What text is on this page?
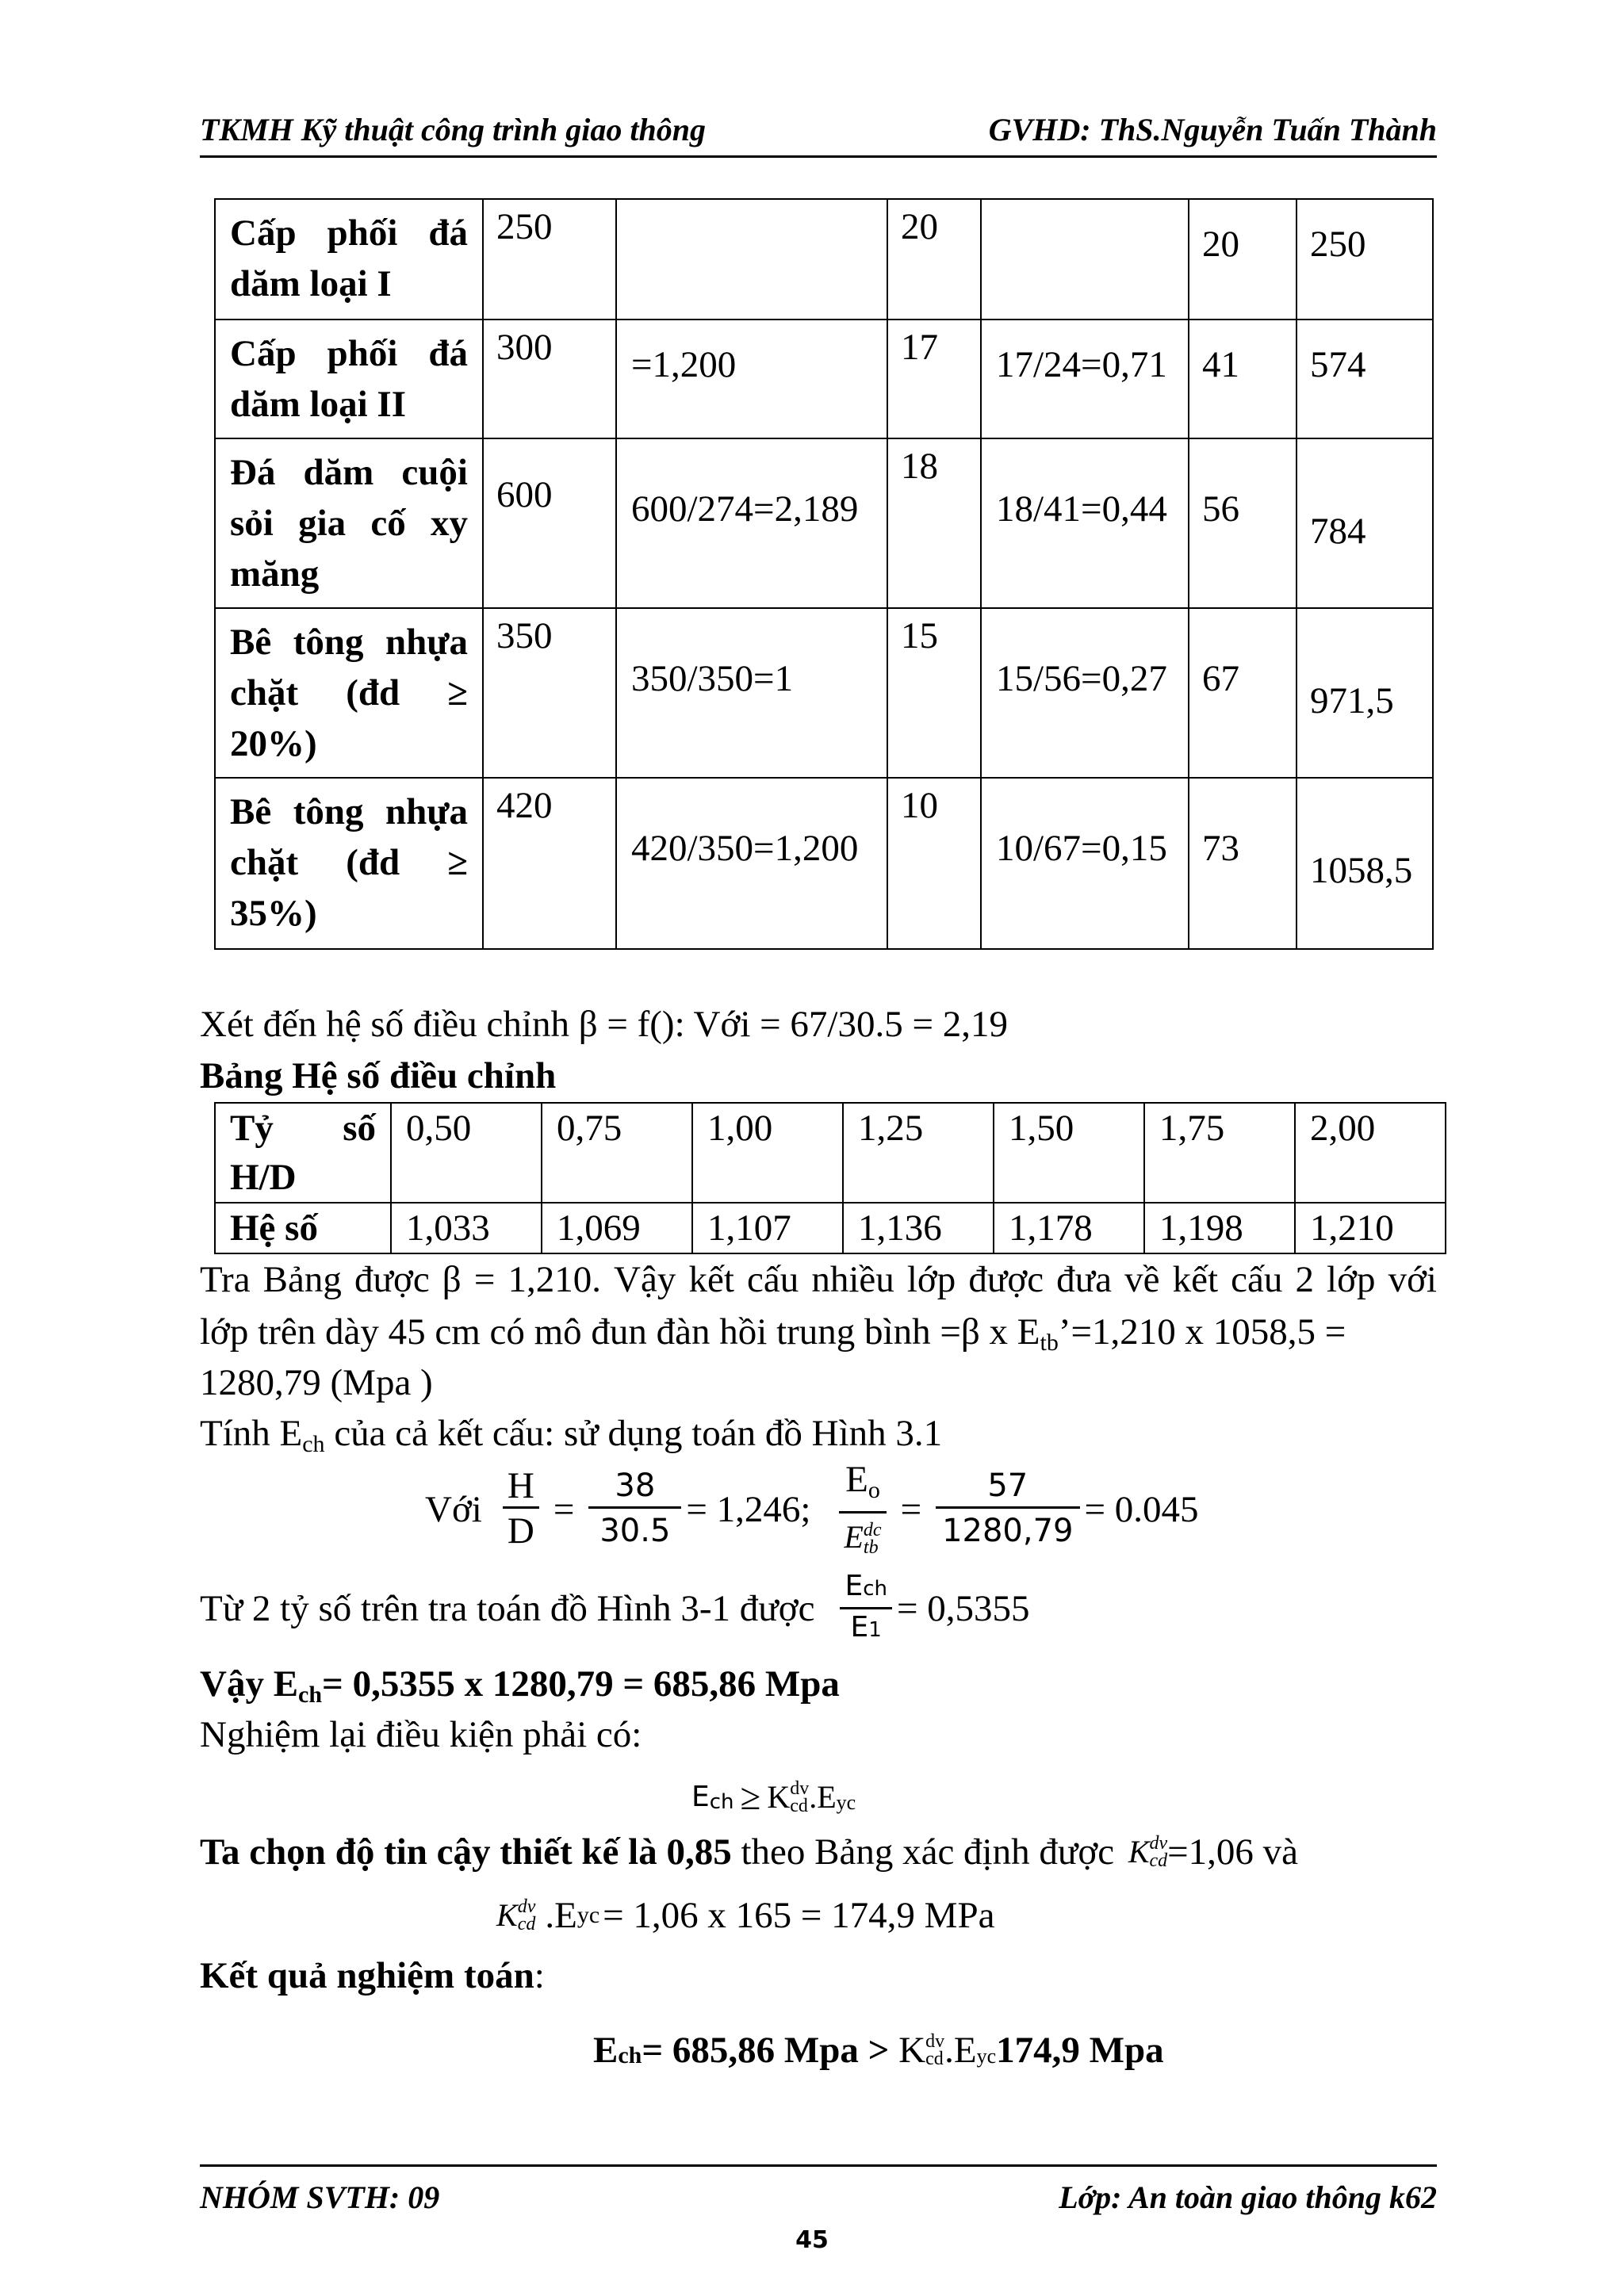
TKMH Kỹ thuật công trình giao thông	GVHD: ThS.Nguyễn Tuấn Thành
Cấp phối đá
dăm loại I	250		20		20	250

Cấp phối đá
dăm loại II	300	=1,200	17	17/24=0,71	41	574

Đá dăm cuội
sỏi gia cố xy
măng	600	600/274=2,189	18	18/41=0,44	56	784

Bê tông nhựa
chặt (đd ≥
20%)	350	350/350=1	15	15/56=0,27	67	971,5

Bê tông nhựa
chặt (đd ≥
35%)	420	420/350=1,200	10	10/67=0,15	73	1058,5
Xét đến hệ số điều chỉnh β = f(): Với = 67/30.5 = 2,19
Bảng Hệ số điều chỉnh
Tỷ số
H/D	0,50	0,75	1,00	1,25	1,50	1,75	2,00
Hệ số	1,033	1,069	1,107	1,136	1,178	1,198	1,210
Tra Bảng được β = 1,210. Vậy kết cấu nhiều lớp được đưa về kết cấu 2 lớp với
lớp trên dày 45 cm có mô đun đàn hồi trung bình =β x $E_{tb}’=1,210$ x 1058,5 =
1280,79 (Mpa )
Tính $E_{ch}$ của cả kết cấu: sử dụng toán đồ Hình 3.1
Với $\frac{H}{D} = \frac{38}{30.5} = 1,246$; $E_o$
E dc
tb = $\frac{57}{1280,79} = 0.045$
Từ 2 tỷ số trên tra toán đồ Hình 3-1 được $\frac{\text{Ech}}{E1} = 0,5355$
Vậy $E_{ch}= 0,5355$ x 1280,79 = 685,86 Mpa
Nghiệm lại điều kiện phải có:
E ch ≥ K dv
cd .E yc
Ta chọn độ tin cậy thiết kế là 0,85 theo Bảng xác định được K dv
cd =1,06 và
K dv
cd .E yc = 1,06 x 165 = 174,9 MPa
Kết quả nghiệm toán:
E ch = 685,86 Mpa > K dv
cd .E yc 174,9 Mpa
NHÓM SVTH: 09	Lớp: An toàn giao thông k62
45
